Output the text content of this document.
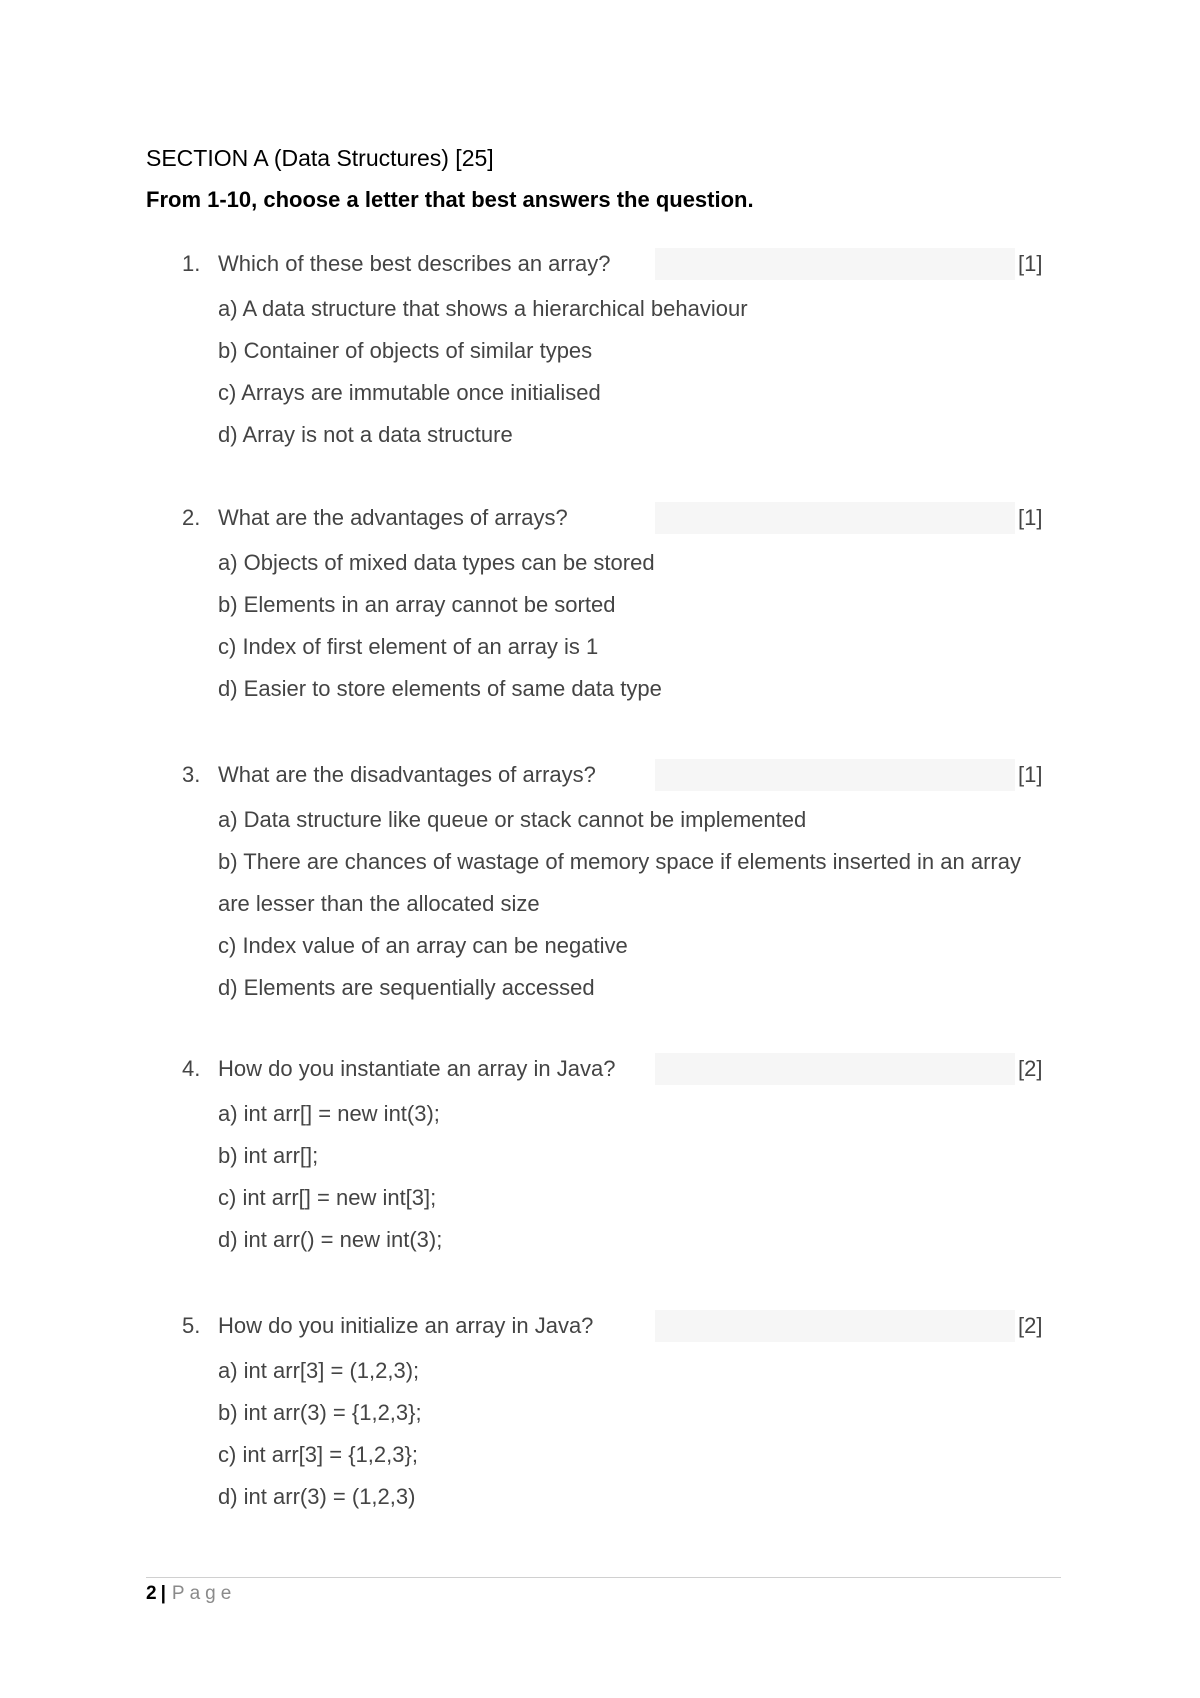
SECTION A (Data Structures) [25]
From 1-10, choose a letter that best answers the question.
1. Which of these best describes an array?	[1]
a) A data structure that shows a hierarchical behaviour
b) Container of objects of similar types
c) Arrays are immutable once initialised
d) Array is not a data structure
2. What are the advantages of arrays?	[1]
a) Objects of mixed data types can be stored
b) Elements in an array cannot be sorted
c) Index of first element of an array is 1
d) Easier to store elements of same data type
3. What are the disadvantages of arrays?	[1]
a) Data structure like queue or stack cannot be implemented
b) There are chances of wastage of memory space if elements inserted in an array are lesser than the allocated size
c) Index value of an array can be negative
d) Elements are sequentially accessed
4. How do you instantiate an array in Java?	[2]
a) int arr[] = new int(3);
b) int arr[];
c) int arr[] = new int[3];
d) int arr() = new int(3);
5. How do you initialize an array in Java?	[2]
a) int arr[3] = (1,2,3);
b) int arr(3) = {1,2,3};
c) int arr[3] = {1,2,3};
d) int arr(3) = (1,2,3)
2 | Page
